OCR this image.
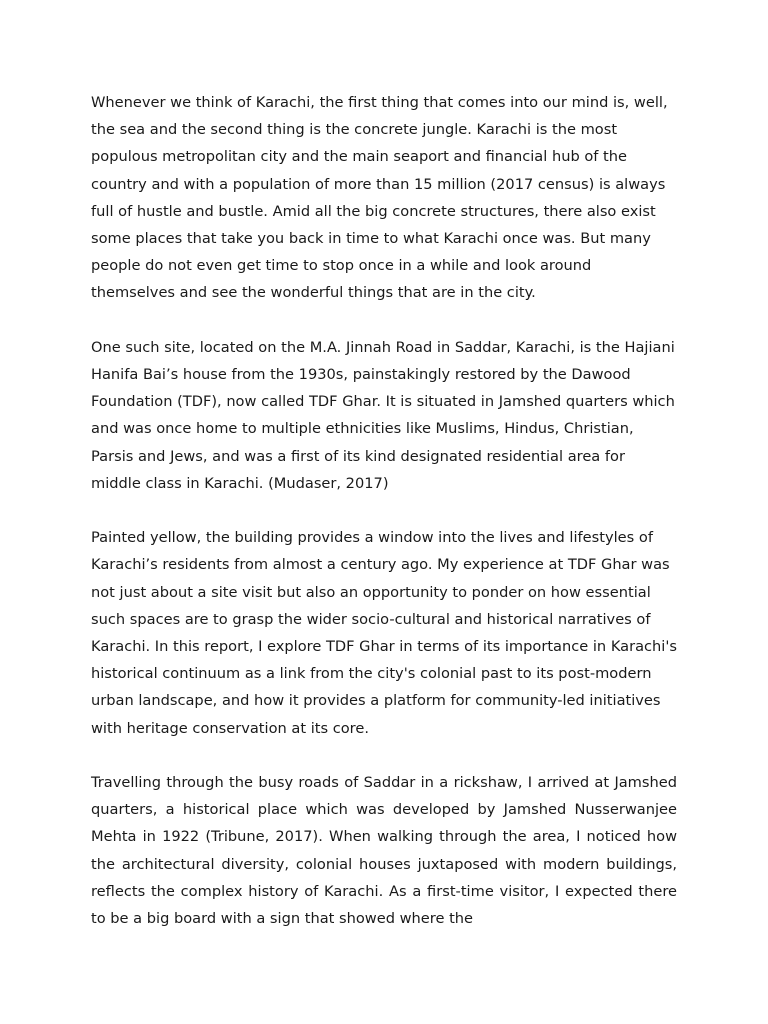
Whenever we think of Karachi, the first thing that comes into our mind is, well, the sea and the second thing is the concrete jungle. Karachi is the most populous metropolitan city and the main seaport and financial hub of the country and with a population of more than 15 million (2017 census) is always full of hustle and bustle. Amid all the big concrete structures, there also exist some places that take you back in time to what Karachi once was. But many people do not even get time to stop once in a while and look around themselves and see the wonderful things that are in the city.

One such site, located on the M.A. Jinnah Road in Saddar, Karachi, is the Hajiani Hanifa Bai’s house from the 1930s, painstakingly restored by the Dawood Foundation (TDF), now called TDF Ghar. It is situated in Jamshed quarters which and was once home to multiple ethnicities like Muslims, Hindus, Christian, Parsis and Jews, and was a first of its kind designated residential area for middle class in Karachi. (Mudaser, 2017)

Painted yellow, the building provides a window into the lives and lifestyles of Karachi’s residents from almost a century ago. My experience at TDF Ghar was not just about a site visit but also an opportunity to ponder on how essential such spaces are to grasp the wider socio-cultural and historical narratives of Karachi. In this report, I explore TDF Ghar in terms of its importance in Karachi's historical continuum as a link from the city's colonial past to its post-modern urban landscape, and how it provides a platform for community-led initiatives with heritage conservation at its core.

Travelling through the busy roads of Saddar in a rickshaw, I arrived at Jamshed quarters, a historical place which was developed by Jamshed Nusserwanjee Mehta in 1922 (Tribune, 2017). When walking through the area, I noticed how the architectural diversity, colonial houses juxtaposed with modern buildings, reflects the complex history of Karachi. As a first-time visitor, I expected there to be a big board with a sign that showed where the
